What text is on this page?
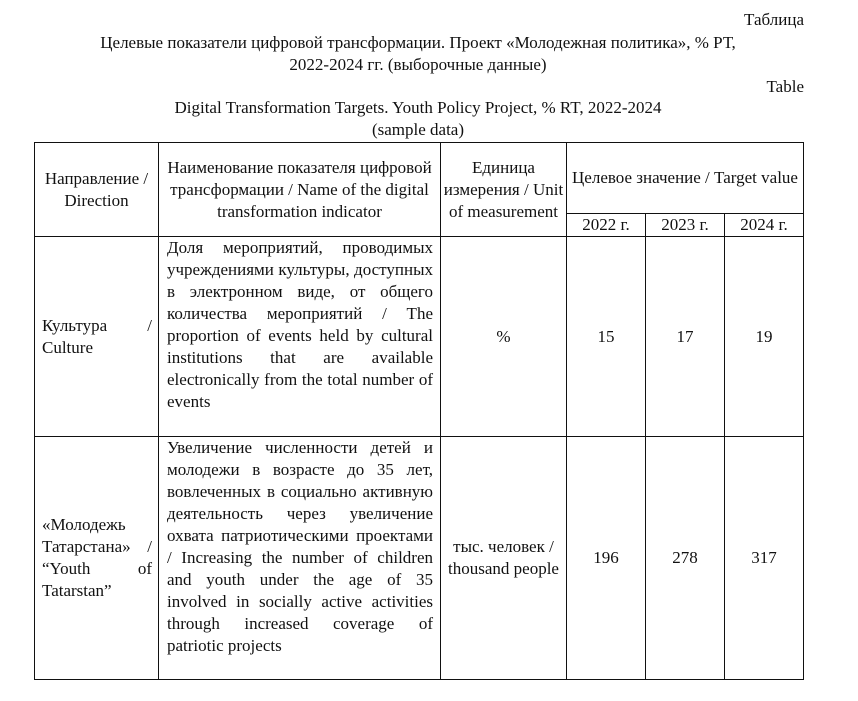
Таблица
Целевые показатели цифровой трансформации. Проект «Молодежная политика», % РТ,
2022-2024 гг. (выборочные данные)
Table
Digital Transformation Targets. Youth Policy Project, % RT, 2022-2024
(sample data)
Направление / Direction	Наименование показателя цифровой трансформации / Name of the digital transformation indicator	Единица измерения / Unit of measurement	Целевое значение / Target value		
			2022 г.	2023 г.	2024 г.
Культура / Culture	Доля мероприятий, проводимых учреждениями культуры, доступных в электронном виде, от общего количества мероприятий / The proportion of events held by cultural institutions that are available electronically from the total number of events	%	15	17	19
«Молодежь Татарстана» / “Youth of Tatarstan”	Увеличение численности детей и молодежи в возрасте до 35 лет, вовлеченных в социально активную деятельность через увеличение охвата патриотическими проектами / Increasing the number of children and youth under the age of 35 involved in socially active activities through increased coverage of patriotic projects	тыс. человек / thousand people	196	278	317
